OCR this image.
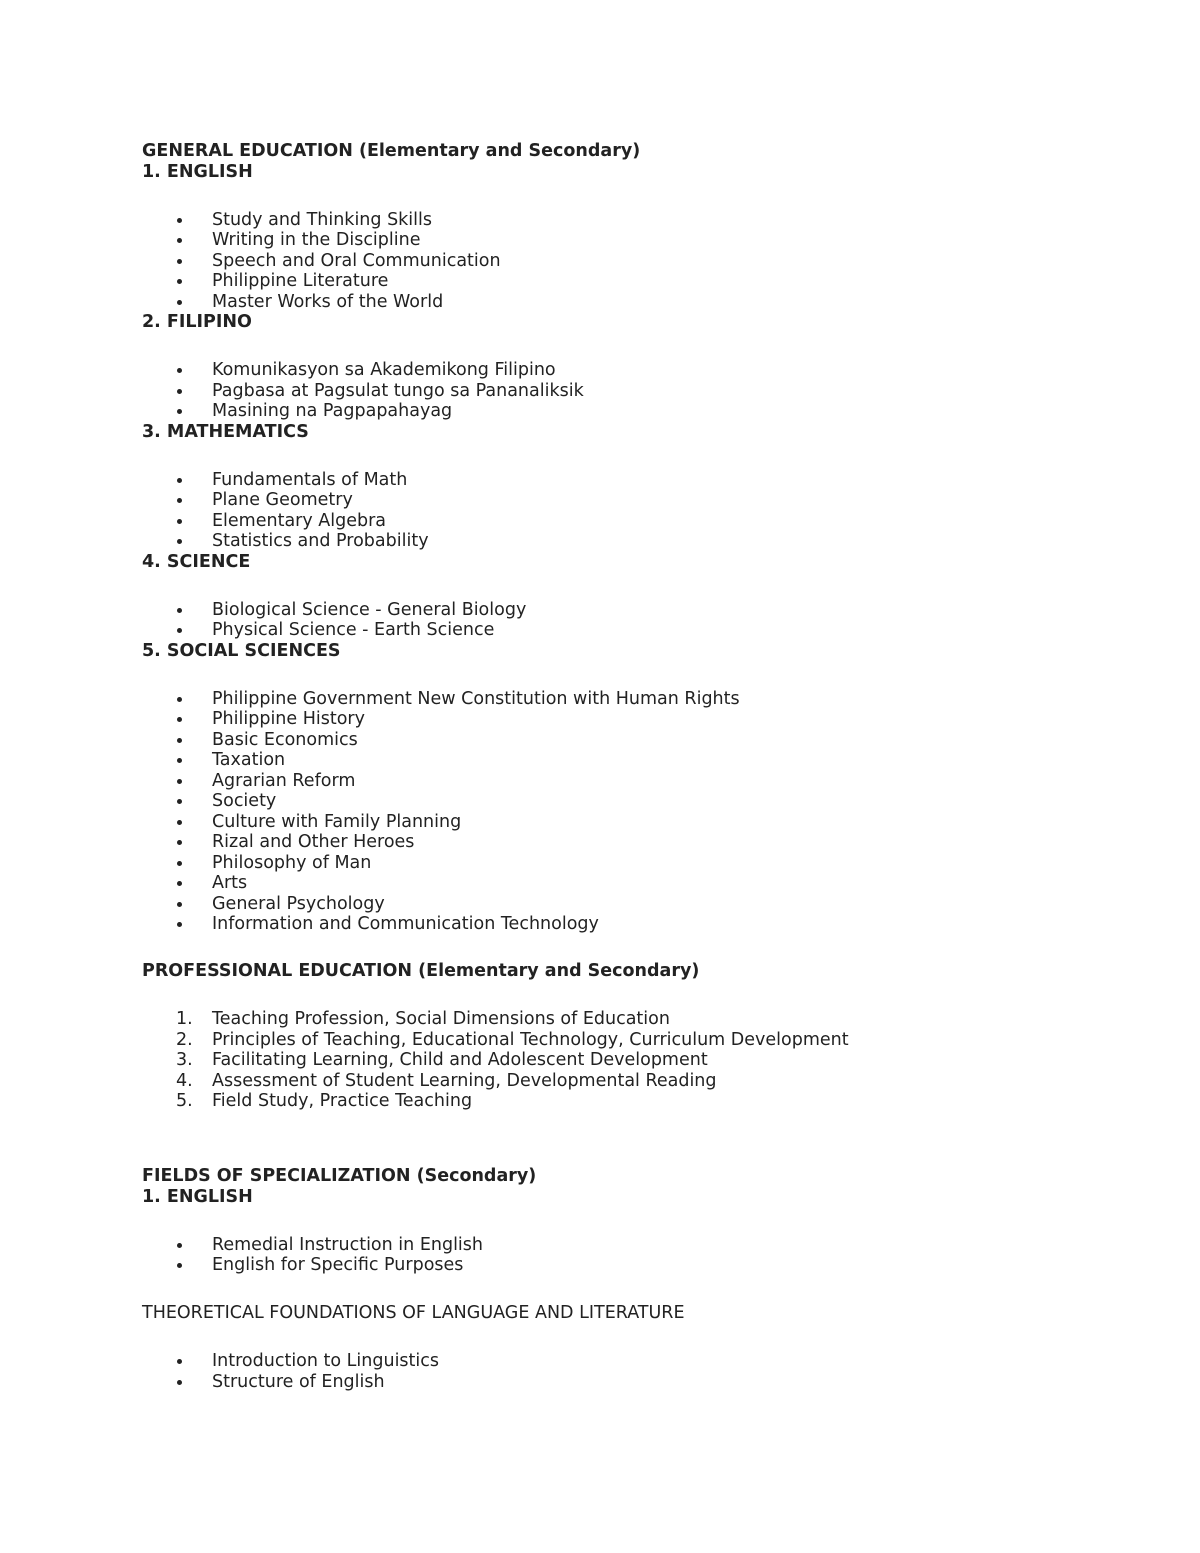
GENERAL EDUCATION (Elementary and Secondary)
1. ENGLISH
Study and Thinking Skills
Writing in the Discipline
Speech and Oral Communication
Philippine Literature
Master Works of the World
2. FILIPINO
Komunikasyon sa Akademikong Filipino
Pagbasa at Pagsulat tungo sa Pananaliksik
Masining na Pagpapahayag
3. MATHEMATICS
Fundamentals of Math
Plane Geometry
Elementary Algebra
Statistics and Probability
4. SCIENCE
Biological Science - General Biology
Physical Science - Earth Science
5. SOCIAL SCIENCES
Philippine Government New Constitution with Human Rights
Philippine History
Basic Economics
Taxation
Agrarian Reform
Society
Culture with Family Planning
Rizal and Other Heroes
Philosophy of Man
Arts
General Psychology
Information and Communication Technology
PROFESSIONAL EDUCATION (Elementary and Secondary)
1. Teaching Profession, Social Dimensions of Education
2. Principles of Teaching, Educational Technology, Curriculum Development
3. Facilitating Learning, Child and Adolescent Development
4. Assessment of Student Learning, Developmental Reading
5. Field Study, Practice Teaching
FIELDS OF SPECIALIZATION (Secondary)
1. ENGLISH
Remedial Instruction in English
English for Specific Purposes
THEORETICAL FOUNDATIONS OF LANGUAGE AND LITERATURE
Introduction to Linguistics
Structure of English
